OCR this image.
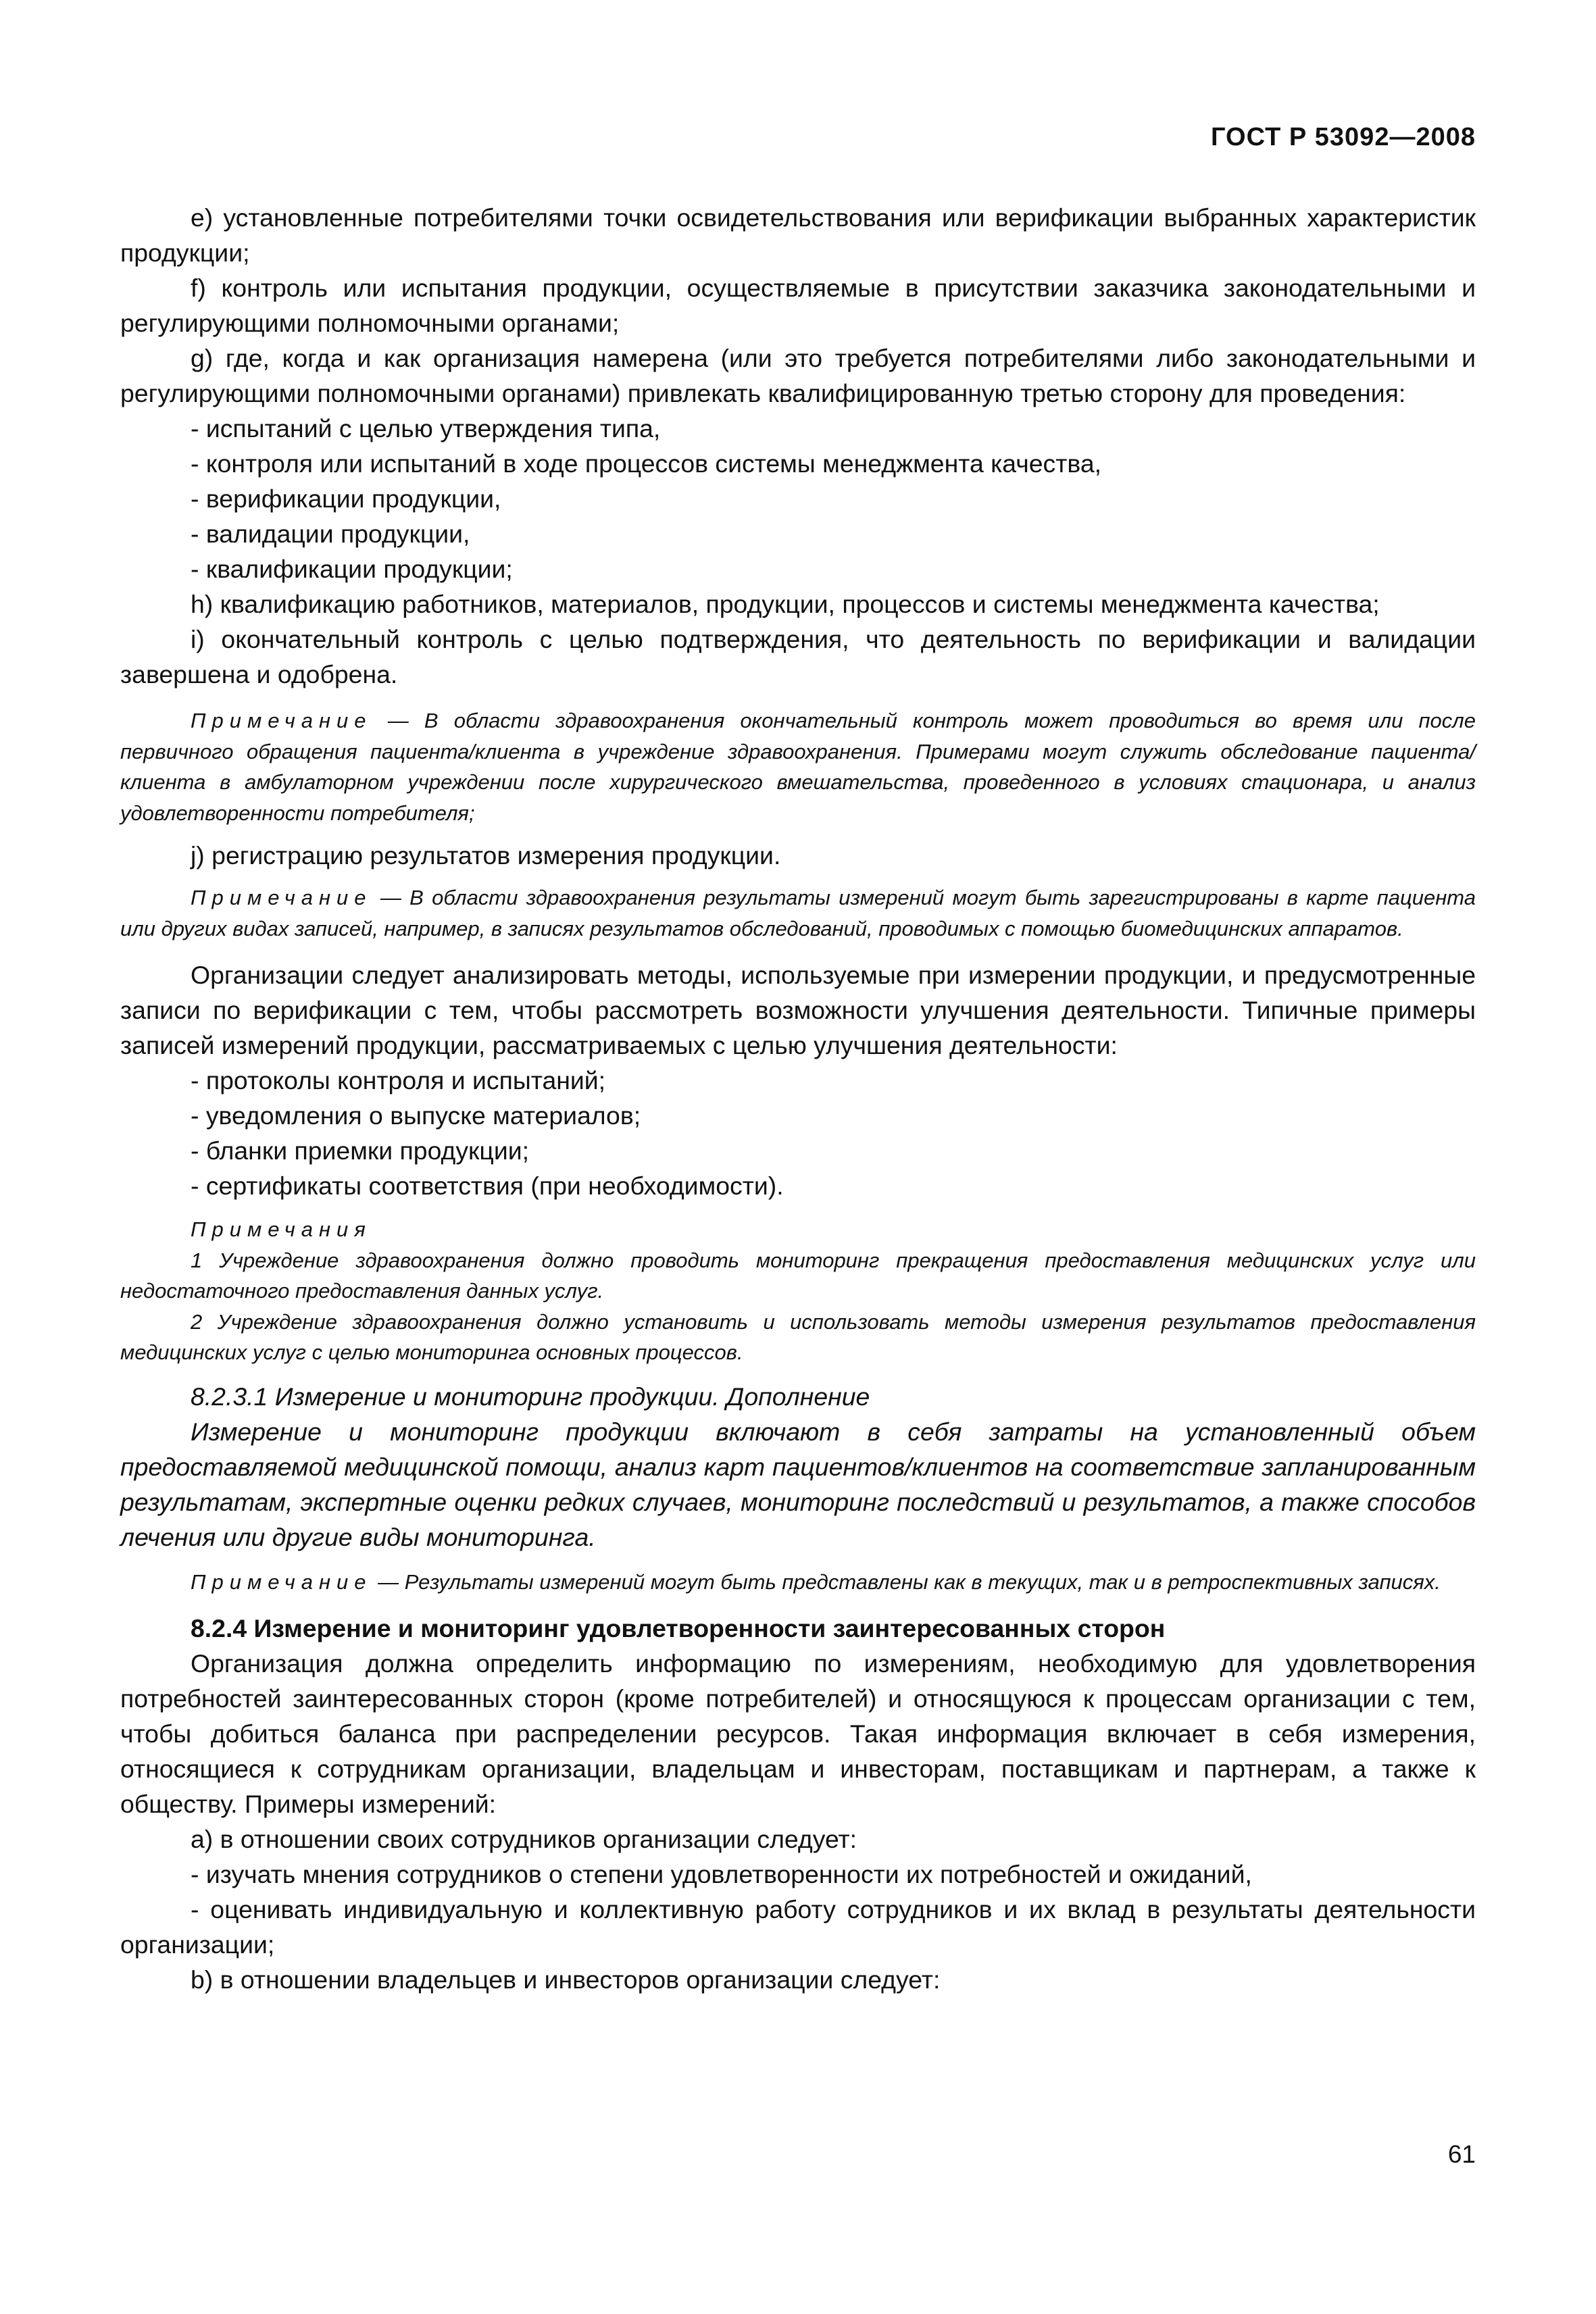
ГОСТ Р 53092—2008

е) установленные потребителями точки освидетельствования или верификации выбранных характеристик продукции;

f) контроль или испытания продукции, осуществляемые в присутствии заказчика законодательными и регулирующими полномочными органами;

g) где, когда и как организация намерена (или это требуется потребителями либо законодательными и регулирующими полномочными органами) привлекать квалифицированную третью сторону для проведения:

- испытаний с целью утверждения типа,

- контроля или испытаний в ходе процессов системы менеджмента качества,

- верификации продукции,

- валидации продукции,

- квалификации продукции;

h) квалификацию работников, материалов, продукции, процессов и системы менеджмента качества;

i) окончательный контроль с целью подтверждения, что деятельность по верификации и валидации завершена и одобрена.

Примечание — В области здравоохранения окончательный контроль может проводиться во время или после первичного обращения пациента/клиента в учреждение здравоохранения. Примерами могут служить обследование пациента/клиента в амбулаторном учреждении после хирургического вмешательства, проведенного в условиях стационара, и анализ удовлетворенности потребителя;

j) регистрацию результатов измерения продукции.

Примечание — В области здравоохранения результаты измерений могут быть зарегистрированы в карте пациента или других видах записей, например, в записях результатов обследований, проводимых с помощью биомедицинских аппаратов.

Организации следует анализировать методы, используемые при измерении продукции, и предусмотренные записи по верификации с тем, чтобы рассмотреть возможности улучшения деятельности. Типичные примеры записей измерений продукции, рассматриваемых с целью улучшения деятельности:

- протоколы контроля и испытаний;

- уведомления о выпуске материалов;

- бланки приемки продукции;

- сертификаты соответствия (при необходимости).

Примечания

1 Учреждение здравоохранения должно проводить мониторинг прекращения предоставления медицинских услуг или недостаточного предоставления данных услуг.

2 Учреждение здравоохранения должно установить и использовать методы измерения результатов предоставления медицинских услуг с целью мониторинга основных процессов.

8.2.3.1 Измерение и мониторинг продукции. Дополнение

Измерение и мониторинг продукции включают в себя затраты на установленный объем предоставляемой медицинской помощи, анализ карт пациентов/клиентов на соответствие запланированным результатам, экспертные оценки редких случаев, мониторинг последствий и результатов, а также способов лечения или другие виды мониторинга.

Примечание — Результаты измерений могут быть представлены как в текущих, так и в ретроспективных записях.

8.2.4 Измерение и мониторинг удовлетворенности заинтересованных сторон

Организация должна определить информацию по измерениям, необходимую для удовлетворения потребностей заинтересованных сторон (кроме потребителей) и относящуюся к процессам организации с тем, чтобы добиться баланса при распределении ресурсов. Такая информация включает в себя измерения, относящиеся к сотрудникам организации, владельцам и инвесторам, поставщикам и партнерам, а также к обществу. Примеры измерений:

а) в отношении своих сотрудников организации следует:

- изучать мнения сотрудников о степени удовлетворенности их потребностей и ожиданий,

- оценивать индивидуальную и коллективную работу сотрудников и их вклад в результаты деятельности организации;

b) в отношении владельцев и инвесторов организации следует:

61
